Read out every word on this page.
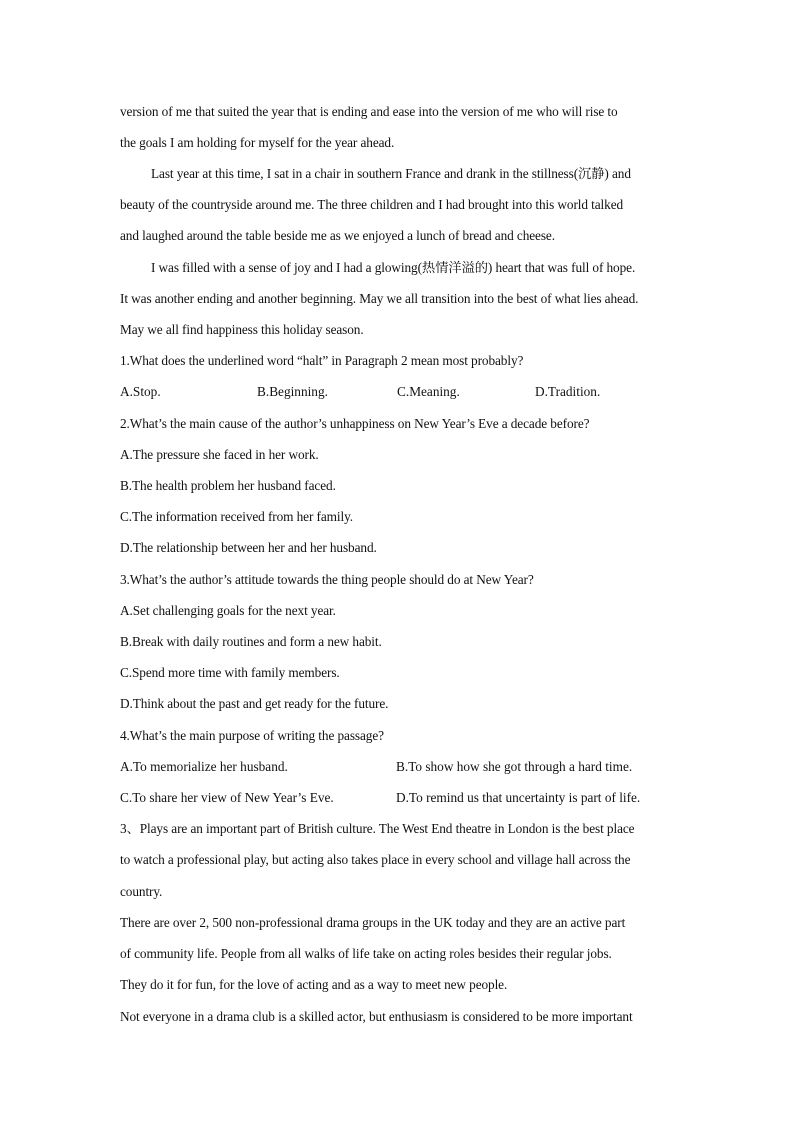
version of me that suited the year that is ending and ease into the version of me who will rise to
the goals I am holding for myself for the year ahead.
Last year at this time, I sat in a chair in southern France and drank in the stillness(沉静) and
beauty of the countryside around me. The three children and I had brought into this world talked
and laughed around the table beside me as we enjoyed a lunch of bread and cheese.
I was filled with a sense of joy and I had a glowing(热情洋溢的) heart that was full of hope.
It was another ending and another beginning. May we all transition into the best of what lies ahead.
May we all find happiness this holiday season.
1.What does the underlined word “halt” in Paragraph 2 mean most probably?
A.Stop.	B.Beginning.	C.Meaning.	D.Tradition.
2.What’s the main cause of the author’s unhappiness on New Year’s Eve a decade before?
A.The pressure she faced in her work.
B.The health problem her husband faced.
C.The information received from her family.
D.The relationship between her and her husband.
3.What’s the author’s attitude towards the thing people should do at New Year?
A.Set challenging goals for the next year.
B.Break with daily routines and form a new habit.
C.Spend more time with family members.
D.Think about the past and get ready for the future.
4.What’s the main purpose of writing the passage?
A.To memorialize her husband.	B.To show how she got through a hard time.
C.To share her view of New Year’s Eve.	D.To remind us that uncertainty is part of life.
3、Plays are an important part of British culture. The West End theatre in London is the best place
to watch a professional play, but acting also takes place in every school and village hall across the
country.
There are over 2, 500 non-professional drama groups in the UK today and they are an active part
of community life. People from all walks of life take on acting roles besides their regular jobs.
They do it for fun, for the love of acting and as a way to meet new people.
Not everyone in a drama club is a skilled actor, but enthusiasm is considered to be more important
